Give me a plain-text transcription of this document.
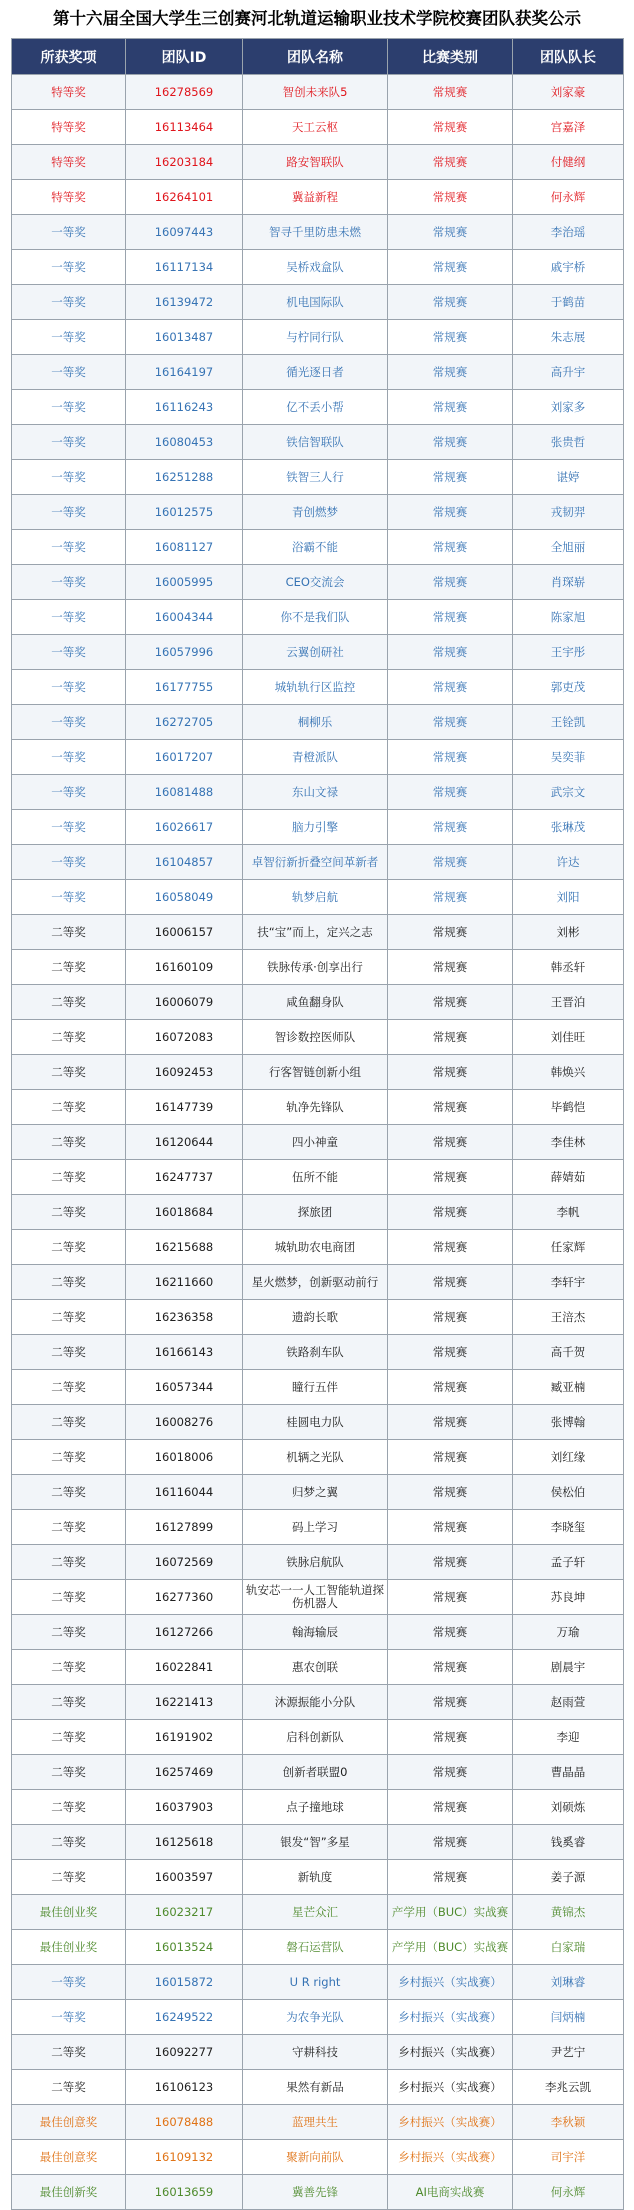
第十六届全国大学生三创赛河北轨道运输职业技术学院校赛团队获奖公示
所获奖项	团队ID	团队名称	比赛类别	团队队长
特等奖	16278569	智创未来队5	常规赛	刘家豪
特等奖	16113464	天工云枢	常规赛	宫嘉泽
特等奖	16203184	路安智联队	常规赛	付健纲
特等奖	16264101	冀益新程	常规赛	何永辉
一等奖	16097443	智寻千里防患未燃	常规赛	李治瑶
一等奖	16117134	吴桥戏盒队	常规赛	戚宇桥
一等奖	16139472	机电国际队	常规赛	于鹤苗
一等奖	16013487	与柠同行队	常规赛	朱志展
一等奖	16164197	循光逐日者	常规赛	高升宇
一等奖	16116243	亿不丢小帮	常规赛	刘家多
一等奖	16080453	铁信智联队	常规赛	张贵哲
一等奖	16251288	铁智三人行	常规赛	谌婷
一等奖	16012575	青创燃梦	常规赛	戎韧羿
一等奖	16081127	浴霸不能	常规赛	全旭丽
一等奖	16005995	CEO交流会	常规赛	肖琛崭
一等奖	16004344	你不是我们队	常规赛	陈家旭
一等奖	16057996	云翼创研社	常规赛	王宇彤
一等奖	16177755	城轨轨行区监控	常规赛	郭吏茂
一等奖	16272705	桐柳乐	常规赛	王铨凯
一等奖	16017207	青橙派队	常规赛	吴奕菲
一等奖	16081488	东山文禄	常规赛	武宗文
一等奖	16026617	脑力引擎	常规赛	张琳茂
一等奖	16104857	卓智衍新折叠空间革新者	常规赛	许达
一等奖	16058049	轨梦启航	常规赛	刘阳
二等奖	16006157	扶“宝”而上，定兴之志	常规赛	刘彬
二等奖	16160109	铁脉传承·创享出行	常规赛	韩丞轩
二等奖	16006079	咸鱼翻身队	常规赛	王晋泊
二等奖	16072083	智诊数控医师队	常规赛	刘佳旺
二等奖	16092453	行客智链创新小组	常规赛	韩焕兴
二等奖	16147739	轨净先锋队	常规赛	毕鹤恺
二等奖	16120644	四小神童	常规赛	李佳林
二等奖	16247737	伍所不能	常规赛	薛婧茹
二等奖	16018684	探旅团	常规赛	李帆
二等奖	16215688	城轨助农电商团	常规赛	任家辉
二等奖	16211660	星火燃梦，创新驱动前行	常规赛	李轩宇
二等奖	16236358	遗韵长歌	常规赛	王涪杰
二等奖	16166143	铁路刹车队	常规赛	高千贺
二等奖	16057344	瞳行五伴	常规赛	臧亚楠
二等奖	16008276	桂圆电力队	常规赛	张博翰
二等奖	16018006	机辆之光队	常规赛	刘红缘
二等奖	16116044	归梦之翼	常规赛	侯松伯
二等奖	16127899	码上学习	常规赛	李晓玺
二等奖	16072569	铁脉启航队	常规赛	孟子轩
二等奖	16277360	轨安芯一一人工智能轨道探伤机器人	常规赛	苏良坤
二等奖	16127266	翰海输辰	常规赛	万瑜
二等奖	16022841	惠农创联	常规赛	剧晨宇
二等奖	16221413	沐源振能小分队	常规赛	赵雨萱
二等奖	16191902	启科创新队	常规赛	李迎
二等奖	16257469	创新者联盟0	常规赛	曹晶晶
二等奖	16037903	点子撞地球	常规赛	刘硕炼
二等奖	16125618	银发“智”多星	常规赛	钱奚睿
二等奖	16003597	新轨度	常规赛	姜子源
最佳创业奖	16023217	星芒众汇	产学用（BUC）实战赛	黄锦杰
最佳创业奖	16013524	磐石运营队	产学用（BUC）实战赛	白家瑞
一等奖	16015872	U R right	乡村振兴（实战赛）	刘琳睿
一等奖	16249522	为农争光队	乡村振兴（实战赛）	闫炳楠
二等奖	16092277	守耕科技	乡村振兴（实战赛）	尹艺宁
二等奖	16106123	果然有新品	乡村振兴（实战赛）	李兆云凯
最佳创意奖	16078488	蓝理共生	乡村振兴（实战赛）	李秋颖
最佳创意奖	16109132	聚新向前队	乡村振兴（实战赛）	司宇洋
最佳创新奖	16013659	冀善先锋	AI电商实战赛	何永辉
